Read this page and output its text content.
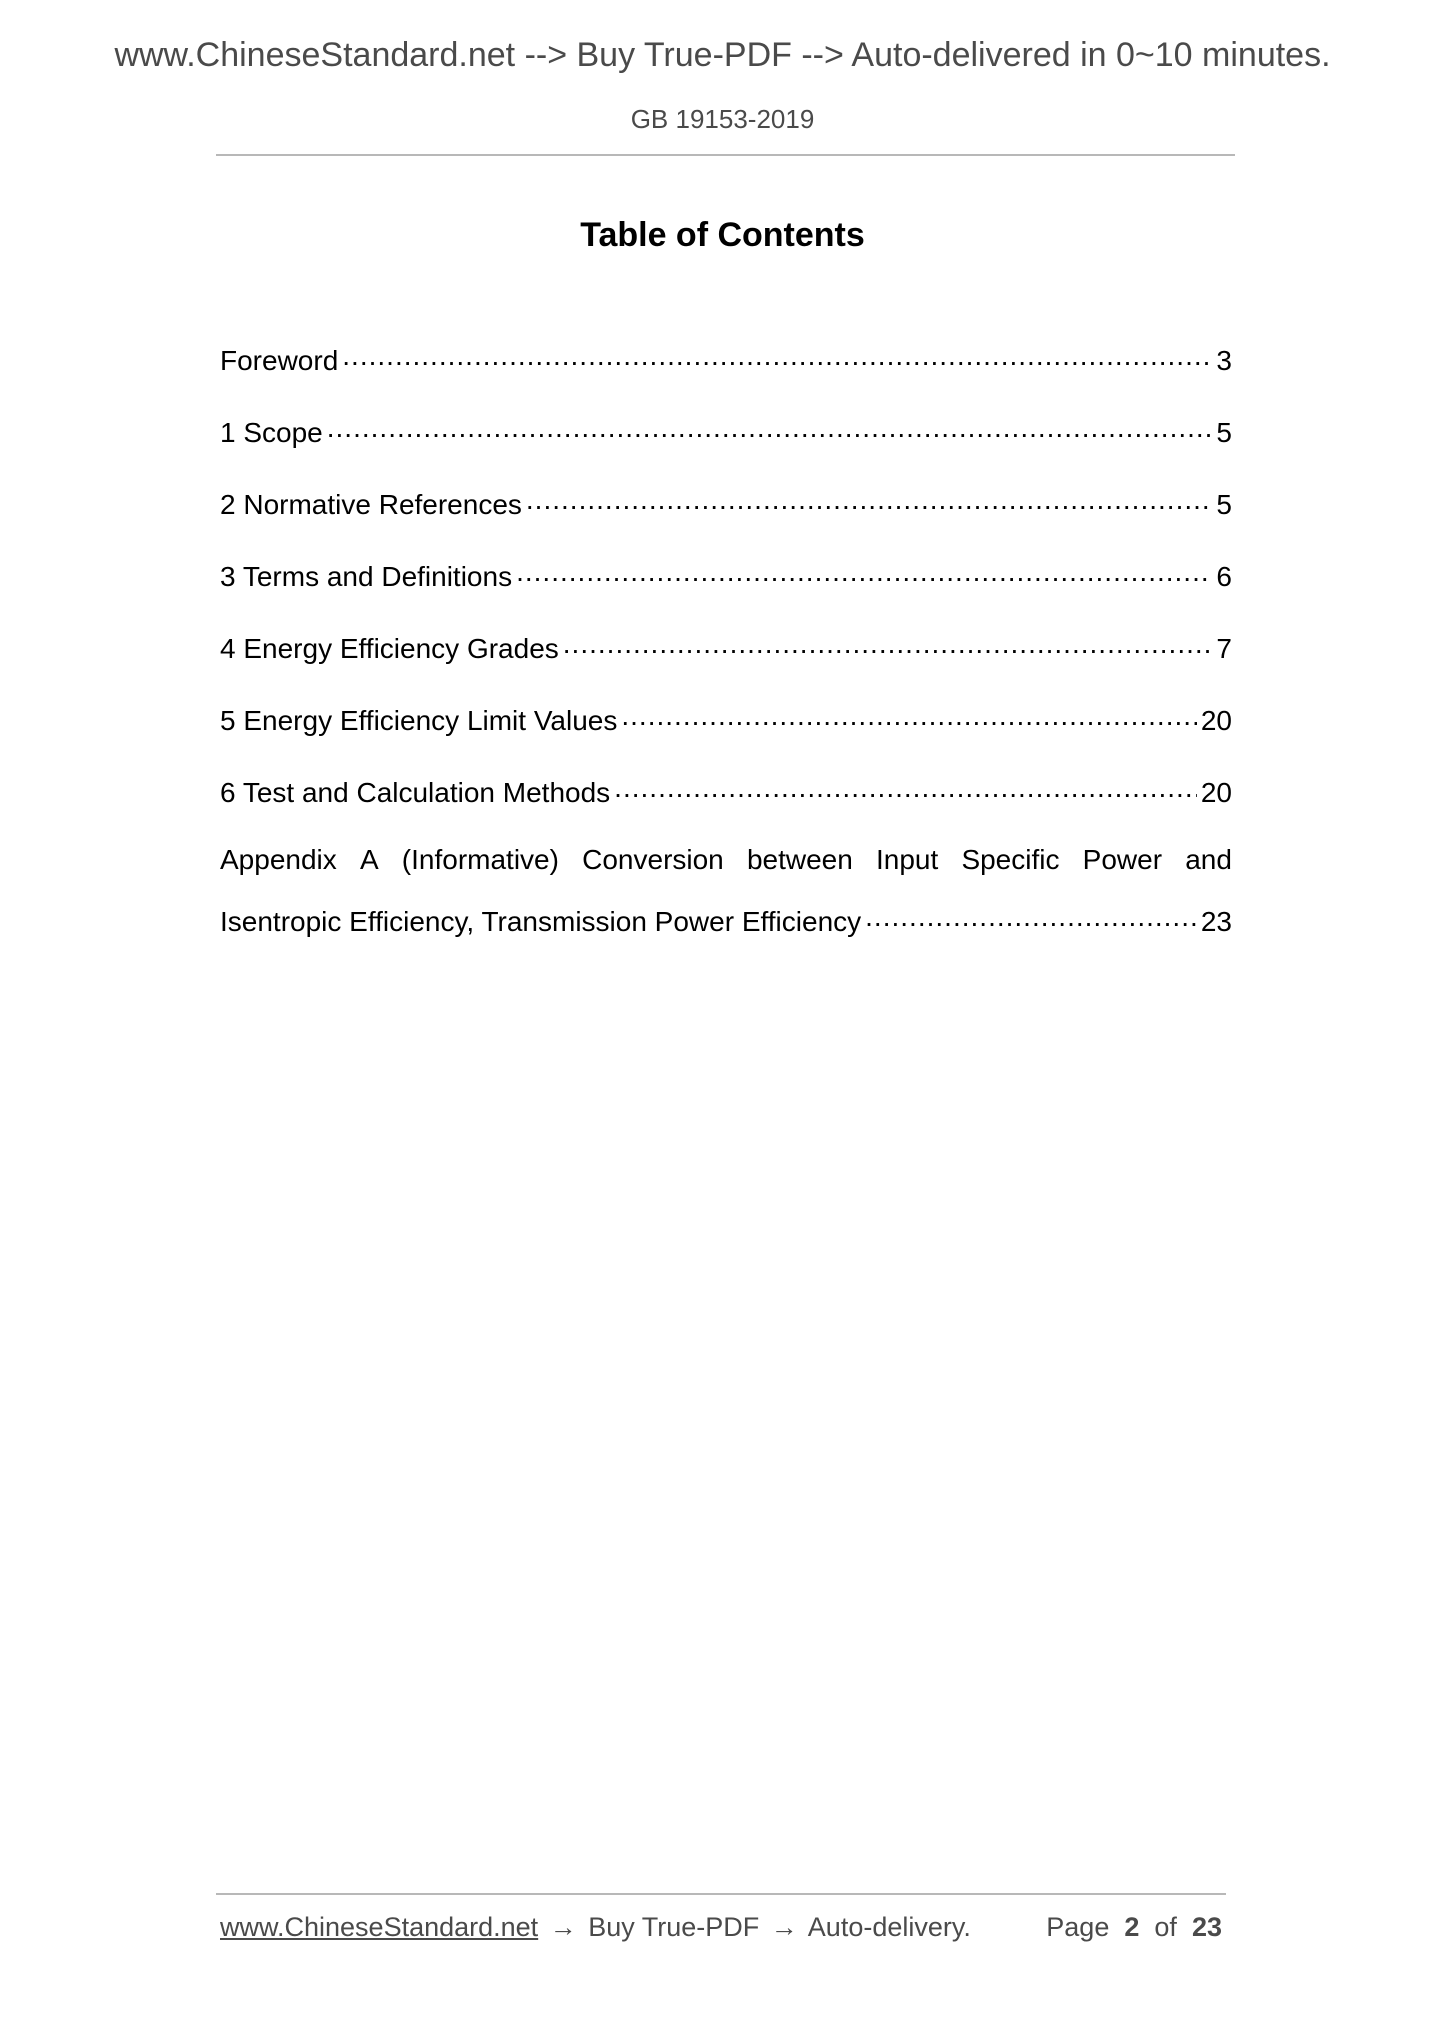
www.ChineseStandard.net --> Buy True-PDF --> Auto-delivered in 0~10 minutes.
GB 19153-2019
Table of Contents
Foreword .....	3
1 Scope .....	5
2 Normative References .....	5
3 Terms and Definitions .....	6
4 Energy Efficiency Grades .....	7
5 Energy Efficiency Limit Values .....	20
6 Test and Calculation Methods .....	20
Appendix A (Informative) Conversion between Input Specific Power and
Isentropic Efficiency, Transmission Power Efficiency .....	23
www.ChineseStandard.net → Buy True-PDF → Auto-delivery.	Page 2 of 23
